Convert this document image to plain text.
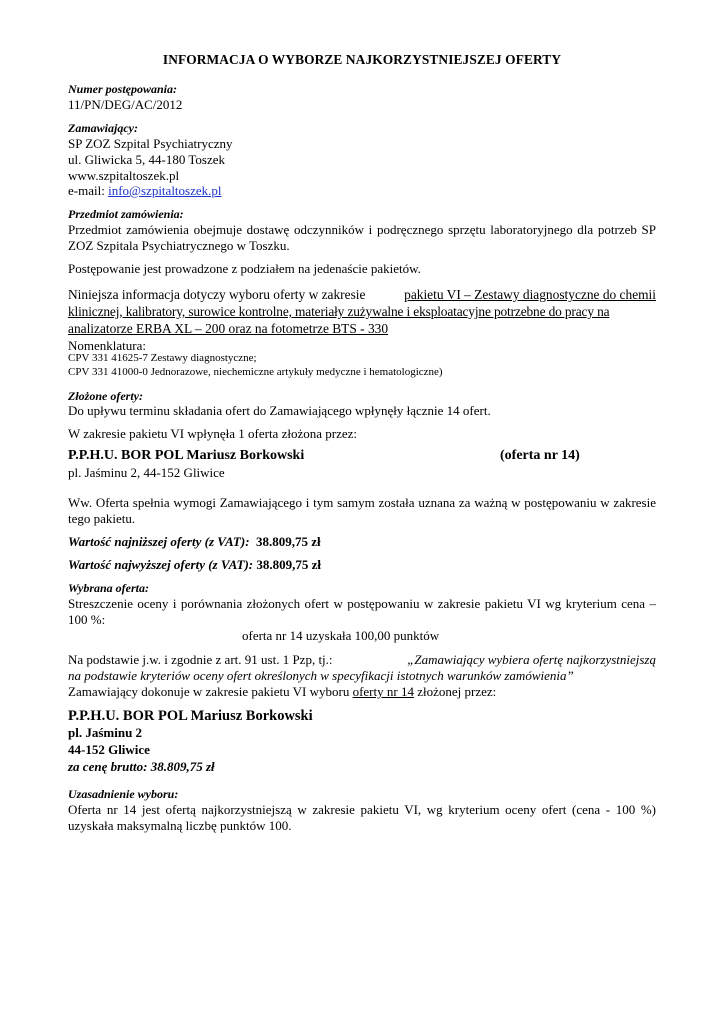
INFORMACJA O WYBORZE NAJKORZYSTNIEJSZEJ OFERTY
Numer postępowania:
11/PN/DEG/AC/2012
Zamawiający:
SP ZOZ Szpital Psychiatryczny
ul. Gliwicka 5, 44-180 Toszek
www.szpitaltoszek.pl
e-mail: info@szpitaltoszek.pl
Przedmiot zamówienia:
Przedmiot zamówienia obejmuje dostawę odczynników i podręcznego sprzętu laboratoryjnego dla potrzeb SP ZOZ Szpitala Psychiatrycznego w Toszku.
Postępowanie jest prowadzone z podziałem na jedenaście pakietów.
Niniejsza informacja dotyczy wyboru oferty w zakresie	pakietu VI – Zestawy diagnostyczne do chemii
klinicznej, kalibratory, surowice kontrolne, materiały zużywalne i eksploatacyjne potrzebne do pracy na
analizatorze ERBA XL – 200 oraz na fotometrze BTS - 330
Nomenklatura:
CPV 331 41625-7 Zestawy diagnostyczne;
CPV 331 41000-0 Jednorazowe, niechemiczne artykuły medyczne i hematologiczne)
Złożone oferty:
Do upływu terminu składania ofert do Zamawiającego wpłynęły łącznie 14 ofert.
W zakresie pakietu VI wpłynęła 1 oferta złożona przez:
P.P.H.U. BOR POL Mariusz Borkowski	(oferta nr 14)
pl. Jaśminu 2, 44-152 Gliwice
Ww. Oferta spełnia wymogi Zamawiającego i tym samym została uznana za ważną w postępowaniu w zakresie tego pakietu.
Wartość najniższej oferty (z VAT): 38.809,75 zł
Wartość najwyższej oferty (z VAT): 38.809,75 zł
Wybrana oferta:
Streszczenie oceny i porównania złożonych ofert w postępowaniu w zakresie pakietu VI wg kryterium cena – 100 %:
oferta nr 14 uzyskała 100,00 punktów
Na podstawie j.w. i zgodnie z art. 91 ust. 1 Pzp, tj.:	„Zamawiający wybiera ofertę najkorzystniejszą
na podstawie kryteriów oceny ofert określonych w specyfikacji istotnych warunków zamówienia”
Zamawiający dokonuje w zakresie pakietu VI wyboru oferty nr 14 złożonej przez:
P.P.H.U. BOR POL Mariusz Borkowski
pl. Jaśminu 2
44-152 Gliwice
za cenę brutto: 38.809,75 zł
Uzasadnienie wyboru:
Oferta nr 14 jest ofertą najkorzystniejszą w zakresie pakietu VI, wg kryterium oceny ofert (cena - 100 %) uzyskała maksymalną liczbę punktów 100.
